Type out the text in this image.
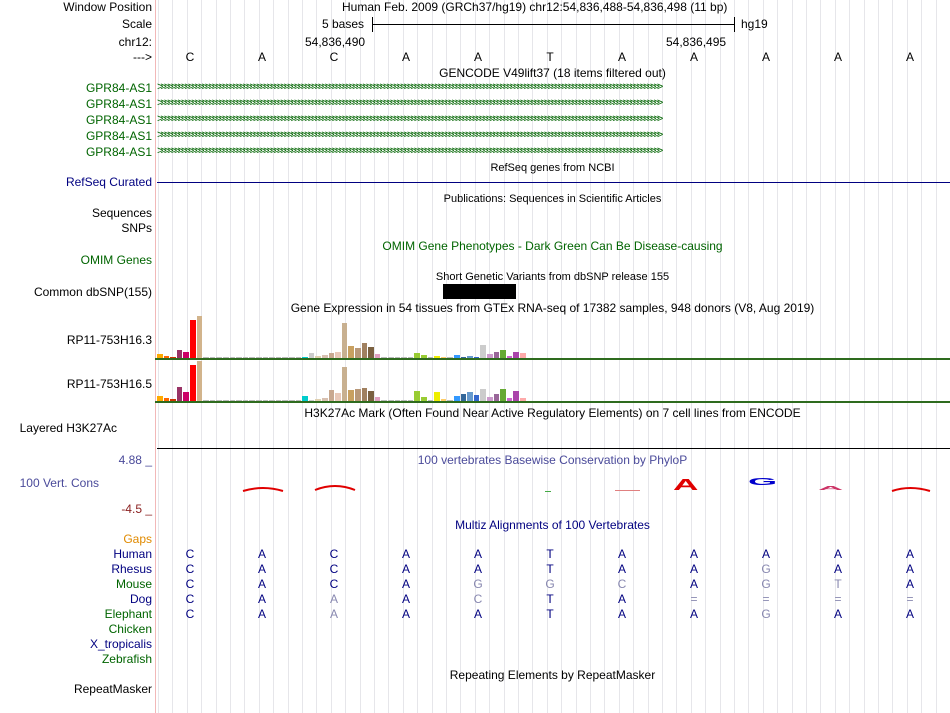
Window Position	Human Feb. 2009 (GRCh37/hg19) chr12:54,836,488-54,836,498 (11 bp)
Scale	5 bases	hg19
chr12:	54,836,490	54,836,495
--->	C	A	C	A	A	T	A	A	A	A	A
GENCODE V49lift37 (18 items filtered out)
GPR84-AS1 >>>>>>>>>>>>>>>>>>>>>>>>>>>>>>>>>>>>>>>>>>>>>>>>>>>>>>>>>>>>>>>>>>>>>>>>>>>>>>>>>>>>>>>>>>>>>>>>>>>>>>>>>>>>>>>>>>>>>>>>>>>>>>>>>>>>>>>>>>>>>>>>>>>
GPR84-AS1 >>>>>>>>>>>>>>>>>>>>>>>>>>>>>>>>>>>>>>>>>>>>>>>>>>>>>>>>>>>>>>>>>>>>>>>>>>>>>>>>>>>>>>>>>>>>>>>>>>>>>>>>>>>>>>>>>>>>>>>>>>>>>>>>>>>>>>>>>>>>>>>>>>>
GPR84-AS1 >>>>>>>>>>>>>>>>>>>>>>>>>>>>>>>>>>>>>>>>>>>>>>>>>>>>>>>>>>>>>>>>>>>>>>>>>>>>>>>>>>>>>>>>>>>>>>>>>>>>>>>>>>>>>>>>>>>>>>>>>>>>>>>>>>>>>>>>>>>>>>>>>>>
GPR84-AS1 >>>>>>>>>>>>>>>>>>>>>>>>>>>>>>>>>>>>>>>>>>>>>>>>>>>>>>>>>>>>>>>>>>>>>>>>>>>>>>>>>>>>>>>>>>>>>>>>>>>>>>>>>>>>>>>>>>>>>>>>>>>>>>>>>>>>>>>>>>>>>>>>>>>
GPR84-AS1 >>>>>>>>>>>>>>>>>>>>>>>>>>>>>>>>>>>>>>>>>>>>>>>>>>>>>>>>>>>>>>>>>>>>>>>>>>>>>>>>>>>>>>>>>>>>>>>>>>>>>>>>>>>>>>>>>>>>>>>>>>>>>>>>>>>>>>>>>>>>>>>>>>>
RefSeq genes from NCBI
RefSeq Curated
Publications: Sequences in Scientific Articles
Sequences
SNPs
OMIM Gene Phenotypes - Dark Green Can Be Disease-causing
OMIM Genes
Short Genetic Variants from dbSNP release 155
Common dbSNP(155)
Gene Expression in 54 tissues from GTEx RNA-seq of 17382 samples, 948 donors (V8, Aug 2019)
RP11-753H16.3
RP11-753H16.5
H3K27Ac Mark (Often Found Near Active Regulatory Elements) on 7 cell lines from ENCODE
Layered H3K27Ac
100 vertebrates Basewise Conservation by PhyloP
4.88 _
100 Vert. Cons
-4.5 _
A	G
A
Multiz Alignments of 100 Vertebrates
Gaps
Human	C	A	C	A	A	T	A	A	A	A	A
Rhesus	C	A	C	A	A	T	A	A	G	A	A
Mouse	C	A	C	A	G	G	C	A	G	T	A
Dog	C	A	A	A	C	T	A	=	=	=	=
Elephant	C	A	A	A	A	T	A	A	G	A	A
Chicken
X_tropicalis
Zebrafish
Repeating Elements by RepeatMasker
RepeatMasker
